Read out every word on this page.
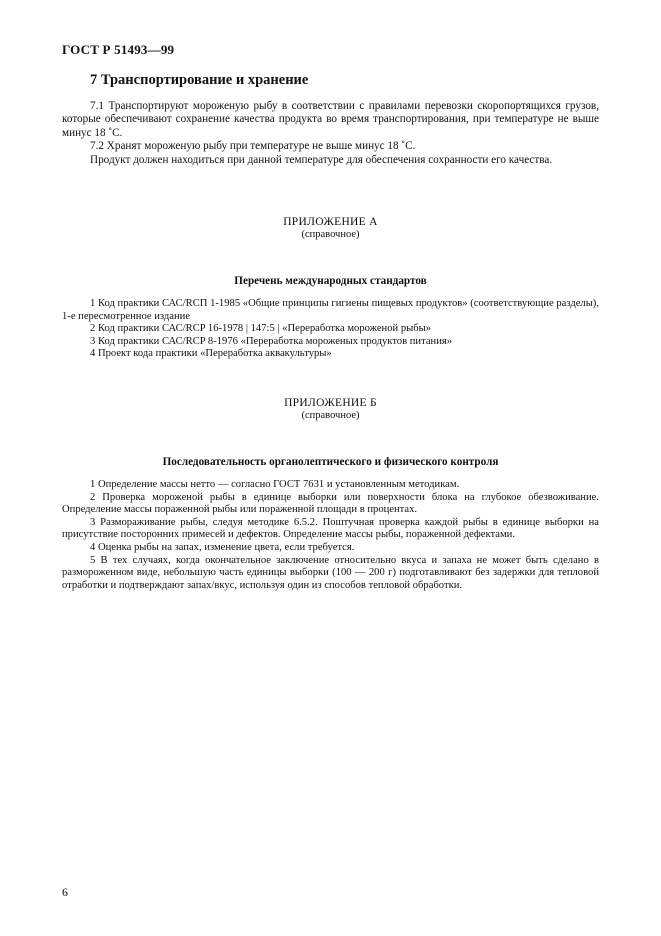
ГОСТ Р 51493—99
7 Транспортирование и хранение

7.1 Транспортируют мороженую рыбу в соответствии с правилами перевозки скоропортящихся грузов, которые обеспечивают сохранение качества продукта во время транспортирования, при температуре не выше минус 18 ˚С.

7.2 Хранят мороженую рыбу при температуре не выше минус 18 ˚С.

Продукт должен находиться при данной температуре для обеспечения сохранности его качества.

ПРИЛОЖЕНИЕ А
(справочное)
Перечень международных стандартов

1 Код практики САС/RCП 1-1985 «Общие принципы гигиены пищевых продуктов» (соответствующие разделы), 1-е пересмотренное издание

2 Код практики САС/RCP 16-1978 | 147:5 | «Переработка мороженой рыбы»

3 Код практики САС/RCP 8-1976 «Переработка мороженых продуктов питания»

4 Проект кода практики «Переработка аквакультуры»

ПРИЛОЖЕНИЕ Б
(справочное)
Последовательность органолептического и физического контроля

1 Определение массы нетто — согласно ГОСТ 7631 и установленным методикам.

2 Проверка мороженой рыбы в единице выборки или поверхности блока на глубокое обезвоживание. Определение массы пораженной рыбы или пораженной площади в процентах.

3 Размораживание рыбы, следуя методике 6.5.2. Поштучная проверка каждой рыбы в единице выборки на присутствие посторонних примесей и дефектов. Определение массы рыбы, пораженной дефектами.

4 Оценка рыбы на запах, изменение цвета, если требуется.

5 В тех случаях, когда окончательное заключение относительно вкуса и запаха не может быть сделано в размороженном виде, небольшую часть единицы выборки (100 — 200 г) подготавливают без задержки для тепловой отработки и подтверждают запах/вкус, используя один из способов тепловой обработки.

6
